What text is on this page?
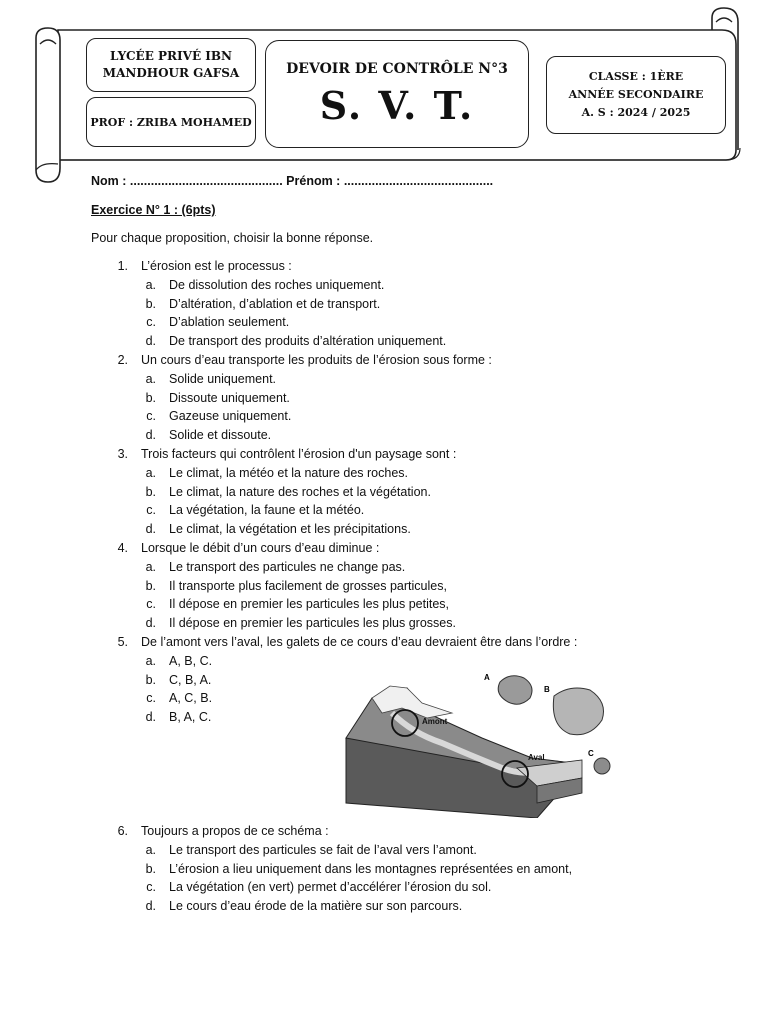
LYCÉE PRIVÉ IBN
MANDHOUR GAFSA
PROF : ZRIBA MOHAMED
DEVOIR DE CONTRÔLE N°3
S. V. T.
CLASSE : 1ÈRE
ANNÉE SECONDAIRE
A. S : 2024 / 2025
Nom : ............................................ Prénom : ...........................................
Exercice N° 1 : (6pts)
Pour chaque proposition, choisir la bonne réponse.
1. L’érosion est le processus :
a. De dissolution des roches uniquement.
b. D’altération, d’ablation et de transport.
c. D’ablation seulement.
d. De transport des produits d’altération uniquement.
2. Un cours d’eau transporte les produits de l’érosion sous forme :
a. Solide uniquement.
b. Dissoute uniquement.
c. Gazeuse uniquement.
d. Solide et dissoute.
3. Trois facteurs qui contrôlent l’érosion d'un paysage sont :
a. Le climat, la météo et la nature des roches.
b. Le climat, la nature des roches et la végétation.
c. La végétation, la faune et la météo.
d. Le climat, la végétation et les précipitations.
4. Lorsque le débit d’un cours d’eau diminue :
a. Le transport des particules ne change pas.
b. Il transporte plus facilement de grosses particules,
c. Il dépose en premier les particules les plus petites,
d. Il dépose en premier les particules les plus grosses.
5. De l’amont vers l’aval, les galets de ce cours d’eau devraient être dans l’ordre :
a. A, B, C.
b. C, B, A.
c. A, C, B.
d. B, A, C.
6. Toujours a propos de ce schéma :
a. Le transport des particules se fait de l’aval vers l’amont.
b. L’érosion a lieu uniquement dans les montagnes représentées en amont,
c. La végétation (en vert) permet d’accélérer l’érosion du sol.
d. Le cours d’eau érode de la matière sur son parcours.
Amont
Aval
A
B
C
